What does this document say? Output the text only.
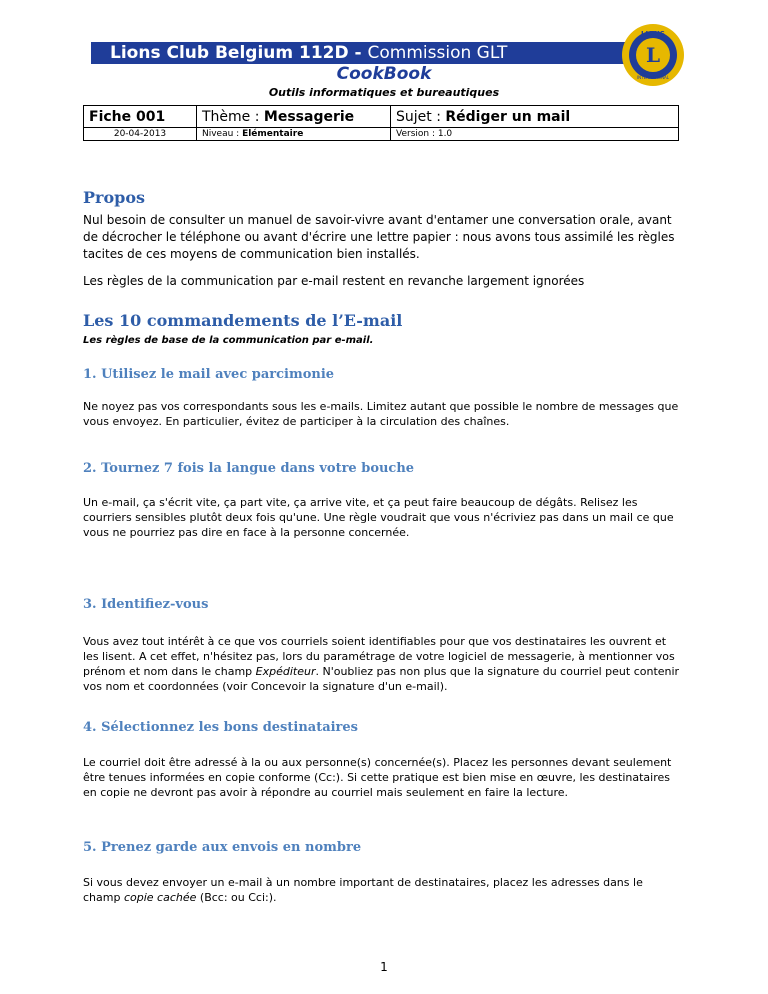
Lions Club Belgium 112D - Commission GLT	L
LIONS
INTERNATIONAL
CookBook
Outils informatiques et bureautiques
Fiche 001	Thème : Messagerie	Sujet : Rédiger un mail
20-04-2013	Niveau : Elémentaire	Version : 1.0
Propos

Nul besoin de consulter un manuel de savoir-vivre avant d'entamer une conversation orale, avant de décrocher le téléphone ou avant d'écrire une lettre papier : nous avons tous assimilé les règles tacites de ces moyens de communication bien installés.

Les règles de la communication par e-mail restent en revanche largement ignorées

Les 10 commandements de l’E-mail

Les règles de base de la communication par e-mail.

1. Utilisez le mail avec parcimonie

Ne noyez pas vos correspondants sous les e-mails. Limitez autant que possible le nombre de messages que vous envoyez. En particulier, évitez de participer à la circulation des chaînes.

2. Tournez 7 fois la langue dans votre bouche

Un e-mail, ça s'écrit vite, ça part vite, ça arrive vite, et ça peut faire beaucoup de dégâts. Relisez les courriers sensibles plutôt deux fois qu'une. Une règle voudrait que vous n'écriviez pas dans un mail ce que vous ne pourriez pas dire en face à la personne concernée.

3. Identifiez-vous

Vous avez tout intérêt à ce que vos courriels soient identifiables pour que vos destinataires les ouvrent et les lisent. A cet effet, n'hésitez pas, lors du paramétrage de votre logiciel de messagerie, à mentionner vos prénom et nom dans le champ Expéditeur. N'oubliez pas non plus que la signature du courriel peut contenir vos nom et coordonnées (voir Concevoir la signature d'un e-mail).

4. Sélectionnez les bons destinataires

Le courriel doit être adressé à la ou aux personne(s) concernée(s). Placez les personnes devant seulement être tenues informées en copie conforme (Cc:). Si cette pratique est bien mise en œuvre, les destinataires en copie ne devront pas avoir à répondre au courriel mais seulement en faire la lecture.

5. Prenez garde aux envois en nombre

Si vous devez envoyer un e-mail à un nombre important de destinataires, placez les adresses dans le champ copie cachée (Bcc: ou Cci:).

1
